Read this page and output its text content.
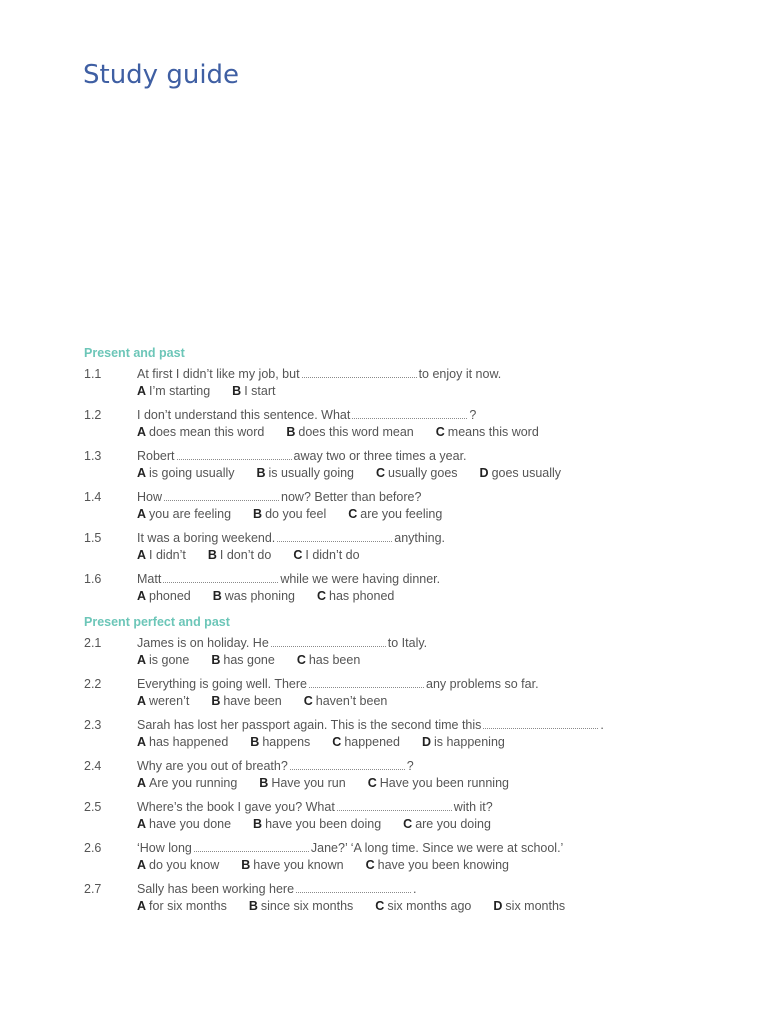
Study guide
Present and past
1.1	At first I didn’t like my job, but	to enjoy it now.
A I’m starting B I start
1.2	I don’t understand this sentence. What	?
A does mean this word B does this word mean C means this word
1.3	Robert	away two or three times a year.
A is going usually B is usually going C usually goes D goes usually
1.4	How	now? Better than before?
A you are feeling B do you feel C are you feeling
1.5	It was a boring weekend.	anything.
A I didn’t B I don’t do C I didn’t do
1.6	Matt	while we were having dinner.
A phoned B was phoning C has phoned
Present perfect and past
2.1	James is on holiday. He	to Italy.
A is gone B has gone C has been
2.2	Everything is going well. There	any problems so far.
A weren’t B have been C haven’t been
2.3	Sarah has lost her passport again. This is the second time this	.
A has happened B happens C happened D is happening
2.4	Why are you out of breath?	?
A Are you running B Have you run C Have you been running
2.5	Where’s the book I gave you? What	with it?
A have you done B have you been doing C are you doing
2.6	‘How long	Jane?’ ‘A long time. Since we were at school.’
A do you know B have you known C have you been knowing
2.7	Sally has been working here	.
A for six months B since six months C six months ago D six months
